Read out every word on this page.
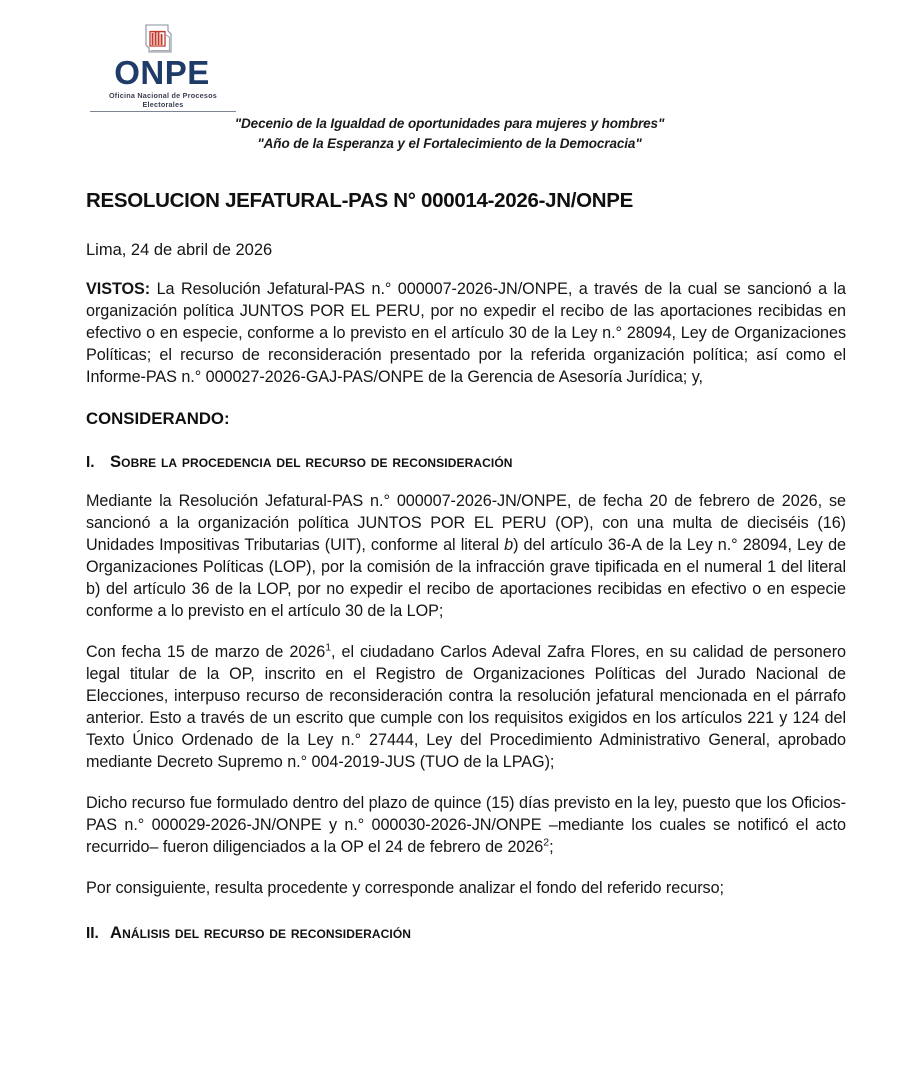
ONPE
Oficina Nacional de Procesos Electorales
"Decenio de la Igualdad de oportunidades para mujeres y hombres"
"Año de la Esperanza y el Fortalecimiento de la Democracia"
RESOLUCION JEFATURAL-PAS N° 000014-2026-JN/ONPE
Lima, 24 de abril de 2026

VISTOS: La Resolución Jefatural-PAS n.° 000007-2026-JN/ONPE, a través de la cual se sancionó a la organización política JUNTOS POR EL PERU, por no expedir el recibo de las aportaciones recibidas en efectivo o en especie, conforme a lo previsto en el artículo 30 de la Ley n.° 28094, Ley de Organizaciones Políticas; el recurso de reconsideración presentado por la referida organización política; así como el Informe-PAS n.° 000027-2026-GAJ-PAS/ONPE de la Gerencia de Asesoría Jurídica; y,

CONSIDERANDO:
I. Sobre la procedencia del recurso de reconsideración

Mediante la Resolución Jefatural-PAS n.° 000007-2026-JN/ONPE, de fecha 20 de febrero de 2026, se sancionó a la organización política JUNTOS POR EL PERU (OP), con una multa de dieciséis (16) Unidades Impositivas Tributarias (UIT), conforme al literal b) del artículo 36-A de la Ley n.° 28094, Ley de Organizaciones Políticas (LOP), por la comisión de la infracción grave tipificada en el numeral 1 del literal b) del artículo 36 de la LOP, por no expedir el recibo de aportaciones recibidas en efectivo o en especie conforme a lo previsto en el artículo 30 de la LOP;

Con fecha 15 de marzo de 2026$^1$, el ciudadano Carlos Adeval Zafra Flores, en su calidad de personero legal titular de la OP, inscrito en el Registro de Organizaciones Políticas del Jurado Nacional de Elecciones, interpuso recurso de reconsideración contra la resolución jefatural mencionada en el párrafo anterior. Esto a través de un escrito que cumple con los requisitos exigidos en los artículos 221 y 124 del Texto Único Ordenado de la Ley n.° 27444, Ley del Procedimiento Administrativo General, aprobado mediante Decreto Supremo n.° 004-2019-JUS (TUO de la LPAG);

Dicho recurso fue formulado dentro del plazo de quince (15) días previsto en la ley, puesto que los Oficios-PAS n.° 000029-2026-JN/ONPE y n.° 000030-2026-JN/ONPE –mediante los cuales se notificó el acto recurrido– fueron diligenciados a la OP el 24 de febrero de 2026$^2$;

Por consiguiente, resulta procedente y corresponde analizar el fondo del referido recurso;

II. Análisis del recurso de reconsideración
